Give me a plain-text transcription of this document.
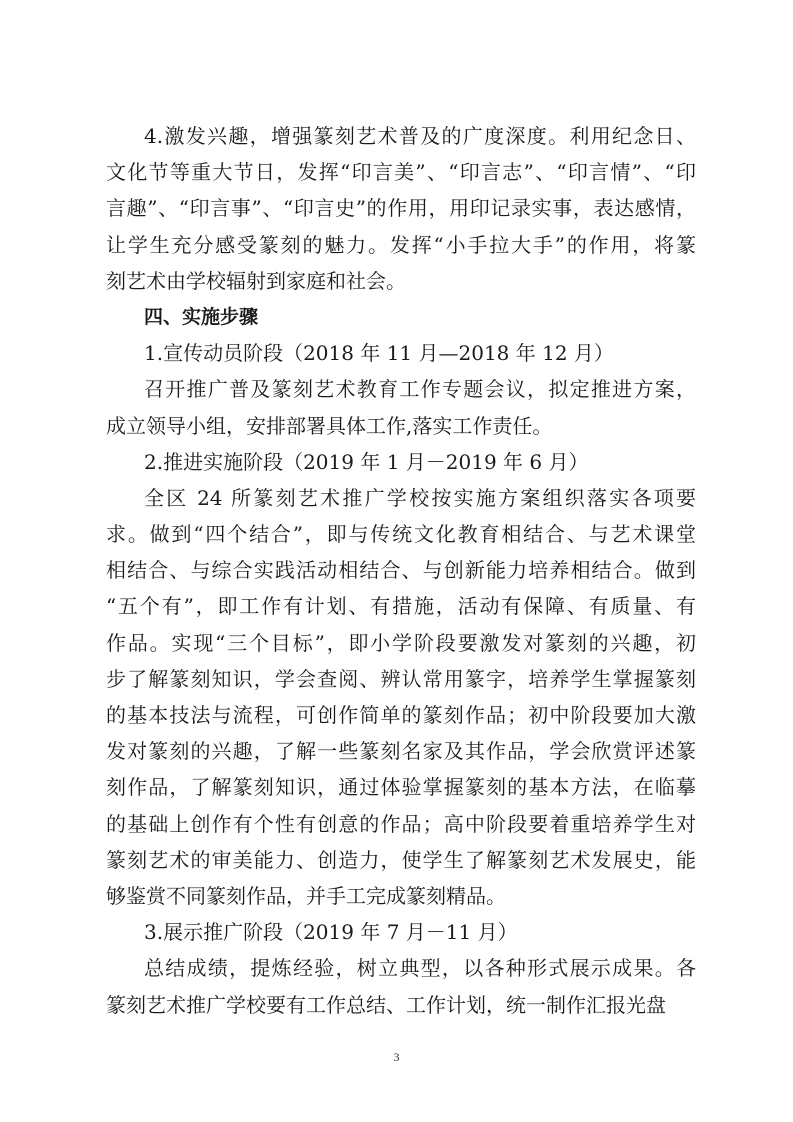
4.激发兴趣，增强篆刻艺术普及的广度深度。利用纪念日、
文化节等重大节日，发挥“印言美”、“印言志”、“印言情”、“印
言趣”、“印言事”、“印言史”的作用，用印记录实事，表达感情，
让学生充分感受篆刻的魅力。发挥“小手拉大手”的作用，将篆
刻艺术由学校辐射到家庭和社会。
四、实施步骤
1.宣传动员阶段（2018 年 11 月—2018 年 12 月）
召开推广普及篆刻艺术教育工作专题会议，拟定推进方案，
成立领导小组，安排部署具体工作,落实工作责任。
2.推进实施阶段（2019 年 1 月－2019 年 6 月）
全区 24 所篆刻艺术推广学校按实施方案组织落实各项要
求。做到“四个结合”，即与传统文化教育相结合、与艺术课堂
相结合、与综合实践活动相结合、与创新能力培养相结合。做到
“五个有”，即工作有计划、有措施，活动有保障、有质量、有
作品。实现“三个目标”，即小学阶段要激发对篆刻的兴趣，初
步了解篆刻知识，学会查阅、辨认常用篆字，培养学生掌握篆刻
的基本技法与流程，可创作简单的篆刻作品；初中阶段要加大激
发对篆刻的兴趣，了解一些篆刻名家及其作品，学会欣赏评述篆
刻作品，了解篆刻知识，通过体验掌握篆刻的基本方法，在临摹
的基础上创作有个性有创意的作品；高中阶段要着重培养学生对
篆刻艺术的审美能力、创造力，使学生了解篆刻艺术发展史，能
够鉴赏不同篆刻作品，并手工完成篆刻精品。
3.展示推广阶段（2019 年 7 月－11 月）
总结成绩，提炼经验，树立典型，以各种形式展示成果。各
篆刻艺术推广学校要有工作总结、工作计划，统一制作汇报光盘
3
